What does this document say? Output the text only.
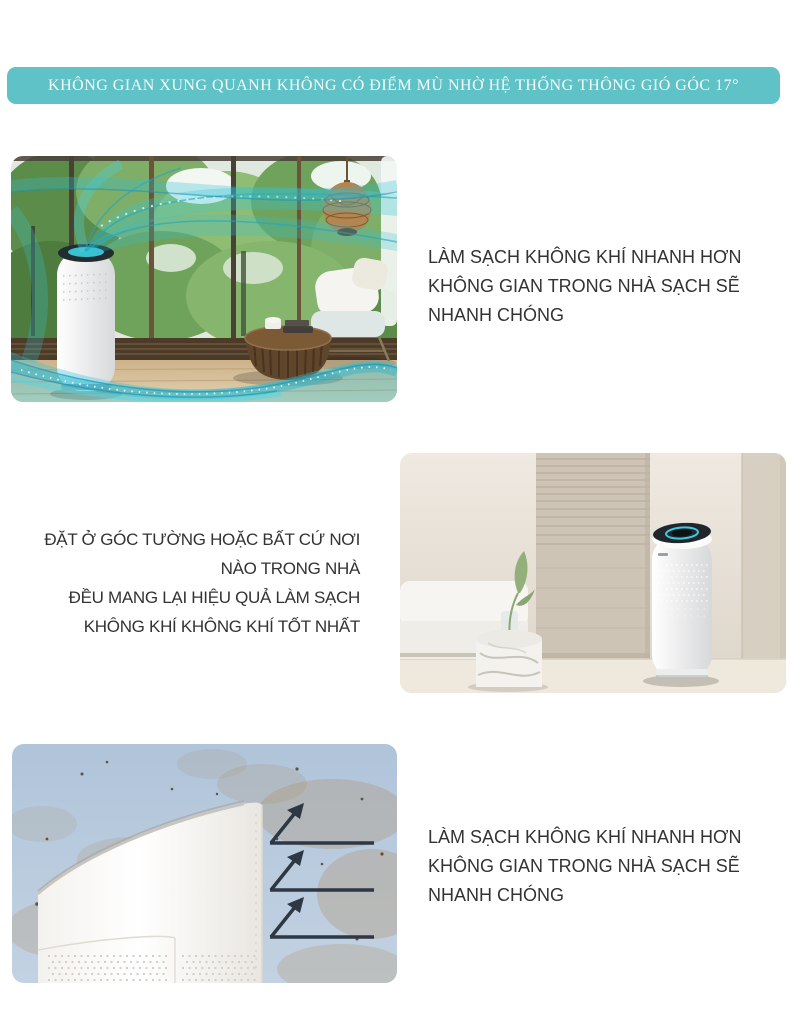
KHÔNG GIAN XUNG QUANH KHÔNG CÓ ĐIỂM MÙ NHỜ HỆ THỐNG THÔNG GIÓ GÓC 17°
LÀM SẠCH KHÔNG KHÍ NHANH HƠN
KHÔNG GIAN TRONG NHÀ SẠCH SẼ
NHANH CHÓNG
ĐẶT Ở GÓC TƯỜNG HOẶC BẤT CỨ NƠI
NÀO TRONG NHÀ
ĐỀU MANG LẠI HIỆU QUẢ LÀM SẠCH
KHÔNG KHÍ KHÔNG KHÍ TỐT NHẤT
LÀM SẠCH KHÔNG KHÍ NHANH HƠN
KHÔNG GIAN TRONG NHÀ SẠCH SẼ
NHANH CHÓNG
